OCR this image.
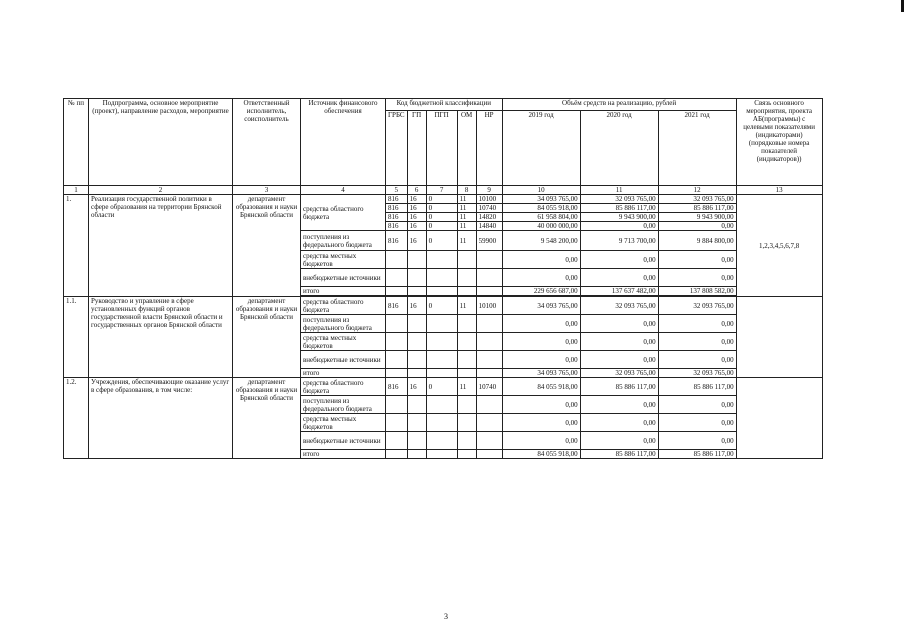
№ пп	Подпрограмма, основное мероприятие (проект), направление расходов, мероприятие	Ответственный исполнитель, соисполнитель	Источник финансового обеспечения	Код бюджетной классификации					Объём средств на реализацию, рублей			Связь основного мероприятия, проекта АБ(программы) с целевыми показателями (индикаторами) (порядковые номера показателей (индикаторов))
				ГРБС	ГП	ПГП	ОМ	НР	2019 год	2020 год	2021 год	
1	2	3	4	5	6	7	8	9	10	11	12	13
1.	Реализация государственной политики в сфере образования на территории Брянской области	департамент образования и науки Брянской области	средства областного бюджета	816	16	0	11	10100	34 093 765,00	32 093 765,00	32 093 765,00	1,2,3,4,5,6,7,8
				816	16	0	11	10740	84 055 918,00	85 886 117,00	85 886 117,00	
				816	16	0	11	14820	61 958 804,00	9 943 900,00	9 943 900,00	
				816	16	0	11	14840	40 000 000,00	0,00	0,00	
			поступления из федерального бюджета	816	16	0	11	59900	9 548 200,00	9 713 700,00	9 884 800,00	
			средства местных бюджетов						0,00	0,00	0,00	
			внебюджетные источники						0,00	0,00	0,00	
			итого						229 656 687,00	137 637 482,00	137 808 582,00	

1.1.	Руководство и управление в сфере установленных функций органов государственной власти Брянской области и государственных органов Брянской области	департамент образования и науки Брянской области	средства областного бюджета	816	16	0	11	10100	34 093 765,00	32 093 765,00	32 093 765,00	
			поступления из федерального бюджета						0,00	0,00	0,00	
			средства местных бюджетов						0,00	0,00	0,00	
			внебюджетные источники						0,00	0,00	0,00	
			итого						34 093 765,00	32 093 765,00	32 093 765,00	
1.2.	Учреждения, обеспечивающие оказание услуг в сфере образования, в том числе:	департамент образования и науки Брянской области	средства областного бюджета	816	16	0	11	10740	84 055 918,00	85 886 117,00	85 886 117,00	
			поступления из федерального бюджета						0,00	0,00	0,00	
			средства местных бюджетов						0,00	0,00	0,00	
			внебюджетные источники						0,00	0,00	0,00	
			итого						84 055 918,00	85 886 117,00	85 886 117,00	
3
